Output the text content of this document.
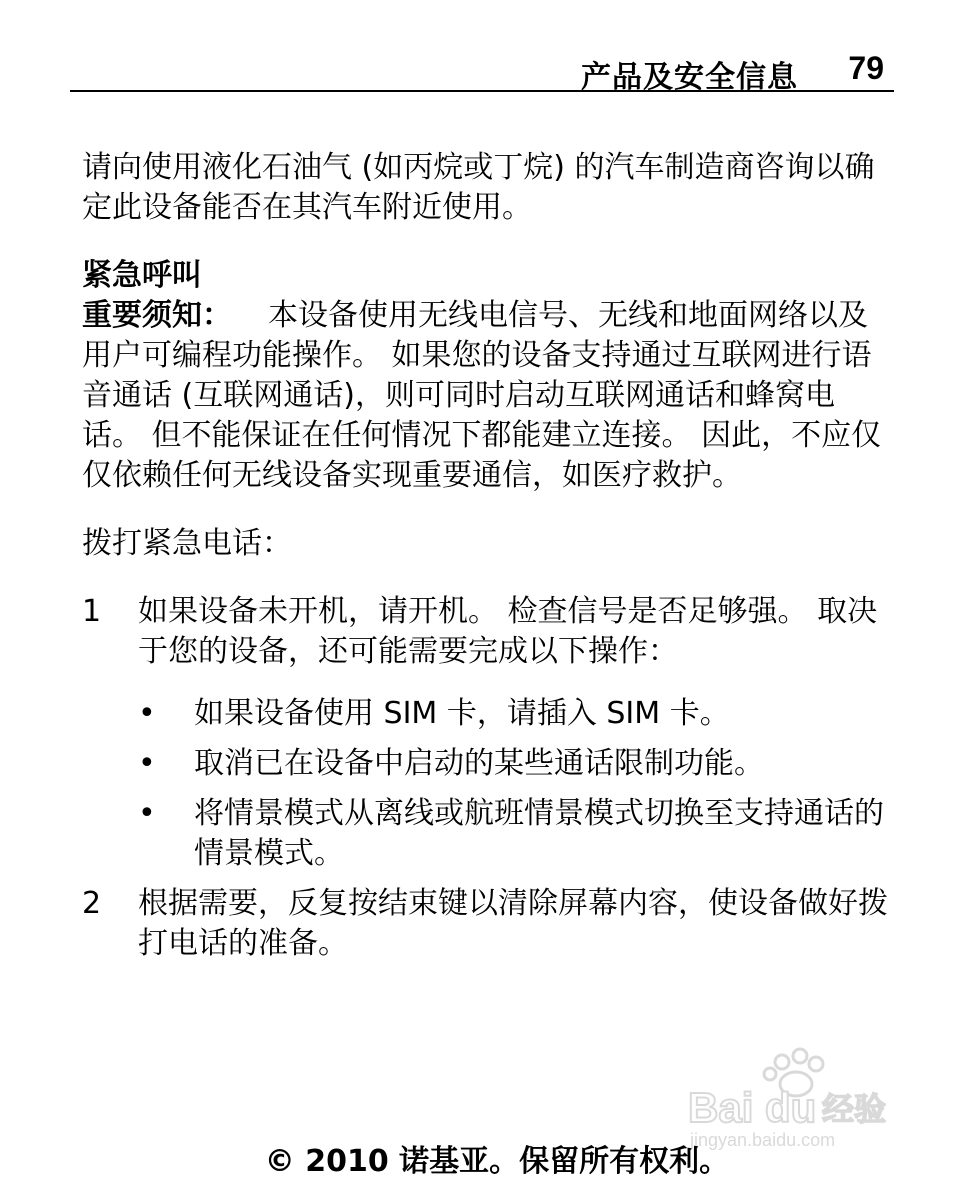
产品及安全信息 79

请向使用液化石油气 (如丙烷或丁烷) 的汽车制造商咨询以确定此设备能否在其汽车附近使用。

紧急呼叫

重要须知： 本设备使用无线电信号、无线和地面网络以及用户可编程功能操作。 如果您的设备支持通过互联网进行语音通话 (互联网通话)，则可同时启动互联网通话和蜂窝电话。 但不能保证在任何情况下都能建立连接。 因此，不应仅仅依赖任何无线设备实现重要通信，如医疗救护。

拨打紧急电话：

1	如果设备未开机，请开机。 检查信号是否足够强。 取决于您的设备，还可能需要完成以下操作：
• 如果设备使用 SIM 卡，请插入 SIM 卡。
• 取消已在设备中启动的某些通话限制功能。
• 将情景模式从离线或航班情景模式切换至支持通话的情景模式。
2	根据需要，反复按结束键以清除屏幕内容，使设备做好拨打电话的准备。
Bai du 经验
jingyan.baidu.com
© 2010 诺基亚。保留所有权利。
